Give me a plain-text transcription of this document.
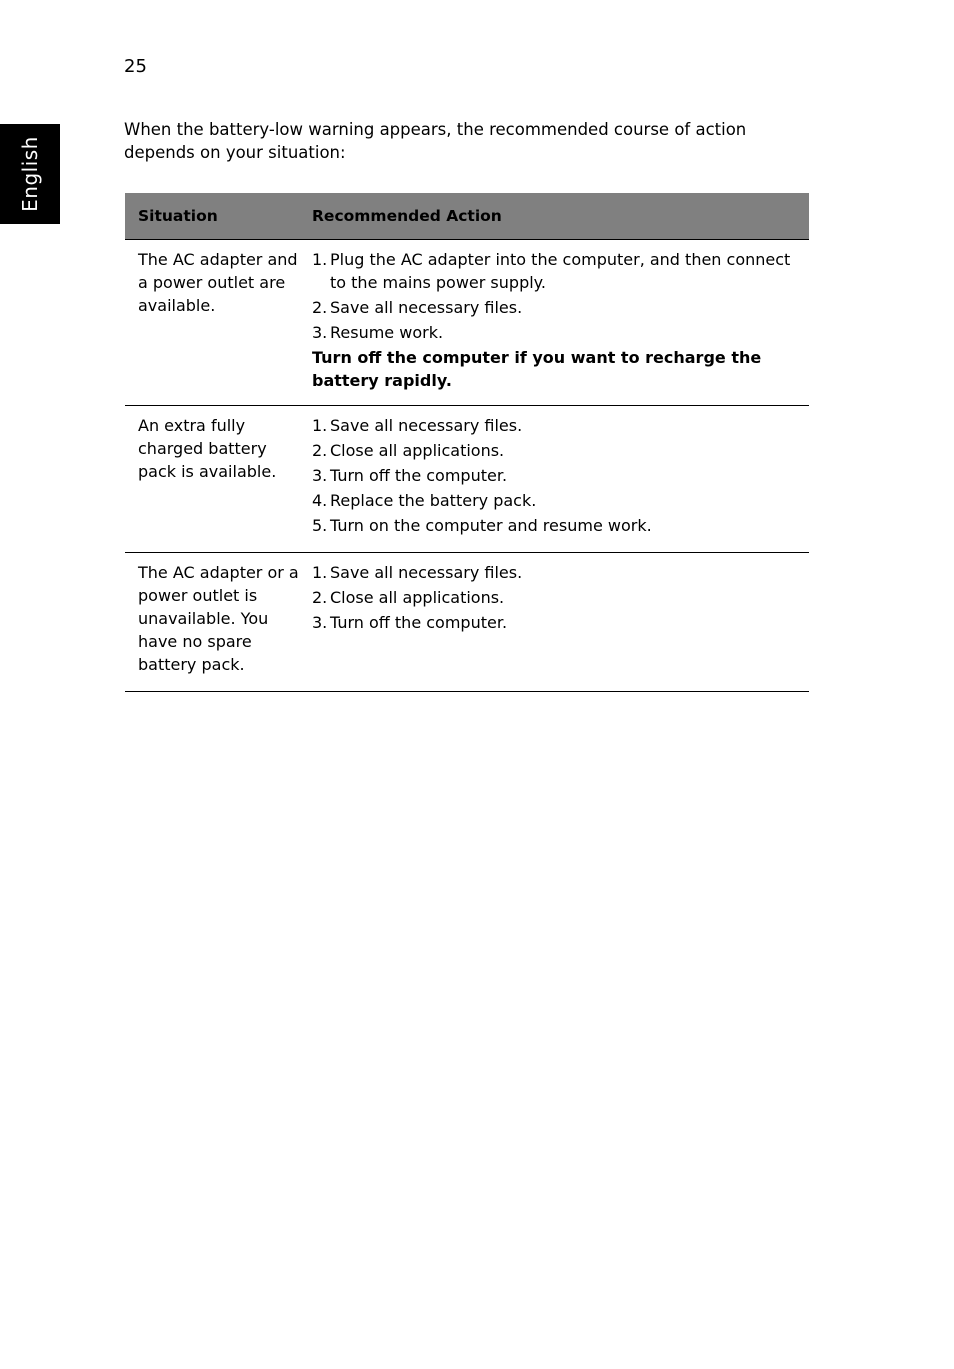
25
English
When the battery-low warning appears, the recommended course of action depends on your situation:
Situation	Recommended Action
The AC adapter and a power outlet are available.
1. Plug the AC adapter into the computer, and then connect to the mains power supply.
2. Save all necessary files.
3. Resume work.
Turn off the computer if you want to recharge the battery rapidly.
An extra fully charged battery pack is available.
1. Save all necessary files.
2. Close all applications.
3. Turn off the computer.
4. Replace the battery pack.
5. Turn on the computer and resume work.
The AC adapter or a power outlet is unavailable. You have no spare battery pack.
1. Save all necessary files.
2. Close all applications.
3. Turn off the computer.
